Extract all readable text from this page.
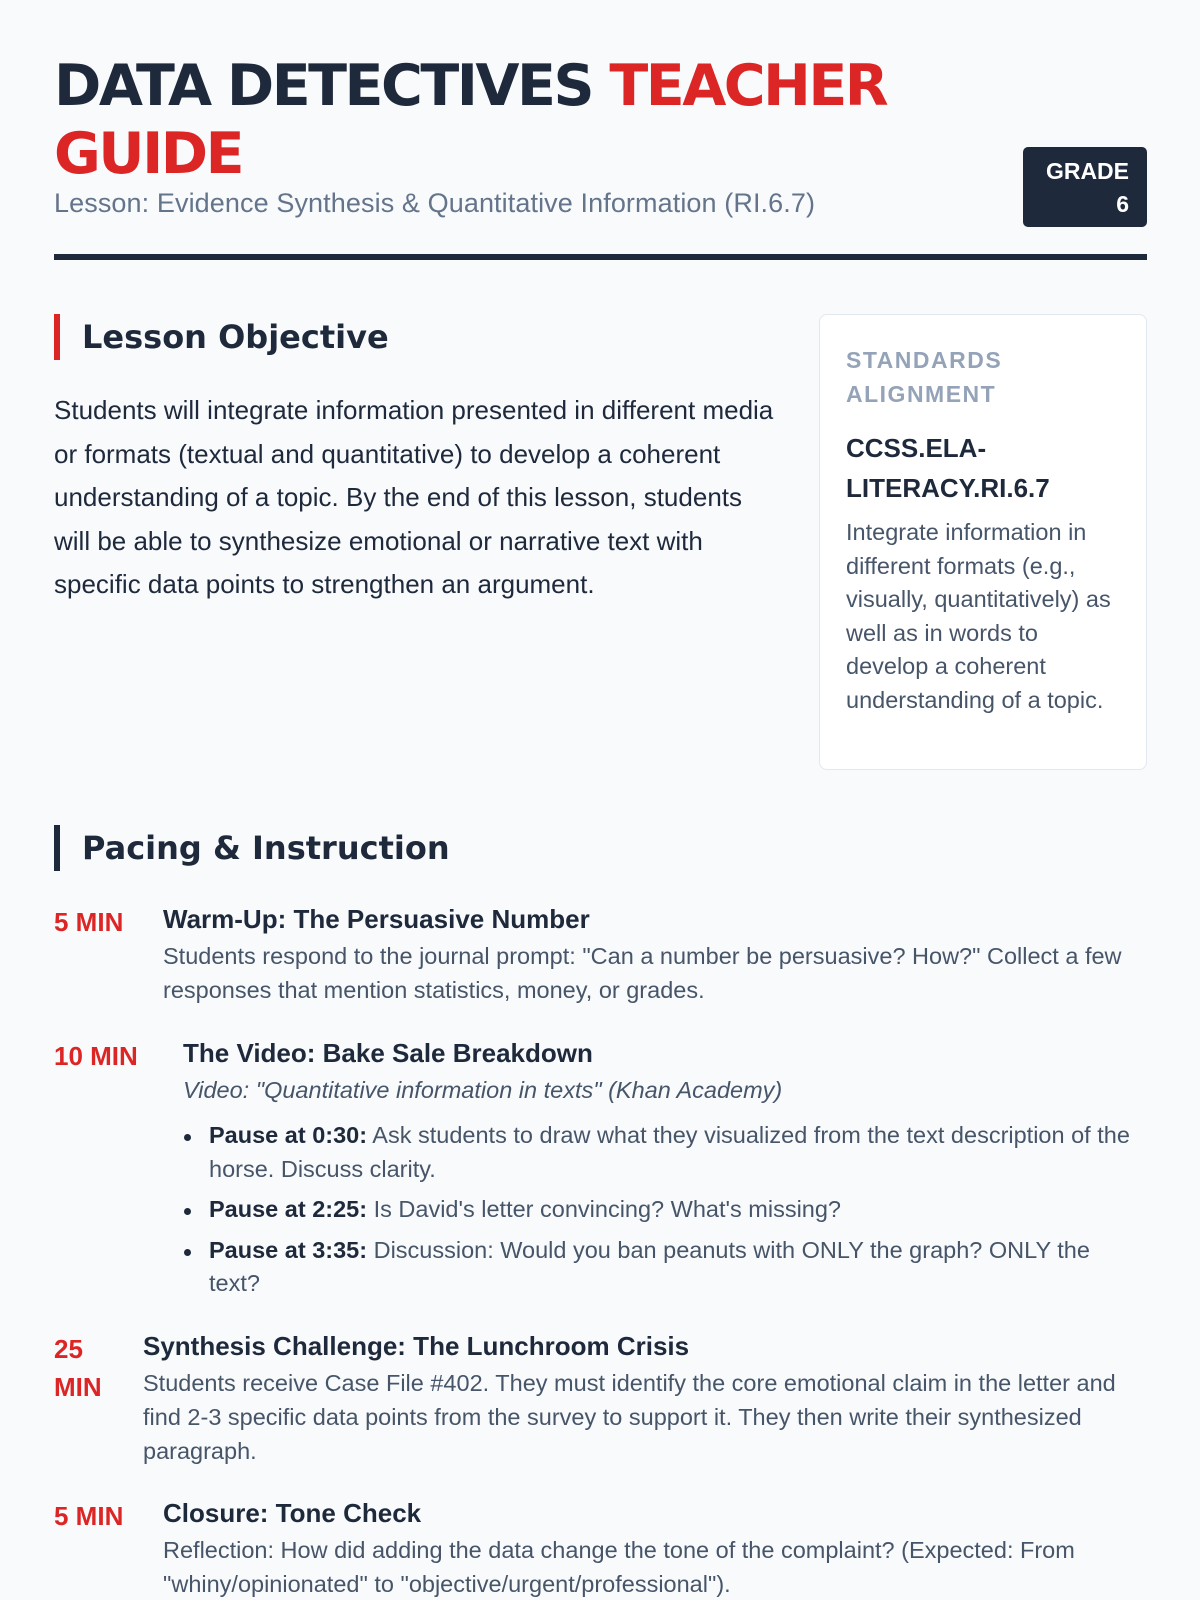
DATA DETECTIVES TEACHER GUIDE
Lesson: Evidence Synthesis & Quantitative Information (RI.6.7)
GRADE
6
Lesson Objective

Students will integrate information presented in different media or formats (textual and quantitative) to develop a coherent understanding of a topic. By the end of this lesson, students will be able to synthesize emotional or narrative text with specific data points to strengthen an argument.

STANDARDS ALIGNMENT
CCSS.ELA-
LITERACY.RI.6.7
Integrate information in different formats (e.g., visually, quantitatively) as well as in words to develop a coherent understanding of a topic.
Pacing & Instruction
5 MIN Warm-Up: The Persuasive Number
Students respond to the journal prompt: "Can a number be persuasive? How?" Collect a few responses that mention statistics, money, or grades.
10 MIN The Video: Bake Sale Breakdown
Video: "Quantitative information in texts" (Khan Academy)
Pause at 0:30: Ask students to draw what they visualized from the text description of the horse. Discuss clarity.
Pause at 2:25: Is David's letter convincing? What's missing?
Pause at 3:35: Discussion: Would you ban peanuts with ONLY the graph? ONLY the text?
25 MIN
Synthesis Challenge: The Lunchroom Crisis
Students receive Case File #402. They must identify the core emotional claim in the letter and find 2-3 specific data points from the survey to support it. They then write their synthesized paragraph.
5 MIN Closure: Tone Check
Reflection: How did adding the data change the tone of the complaint? (Expected: From "whiny/opinionated" to "objective/urgent/professional").
